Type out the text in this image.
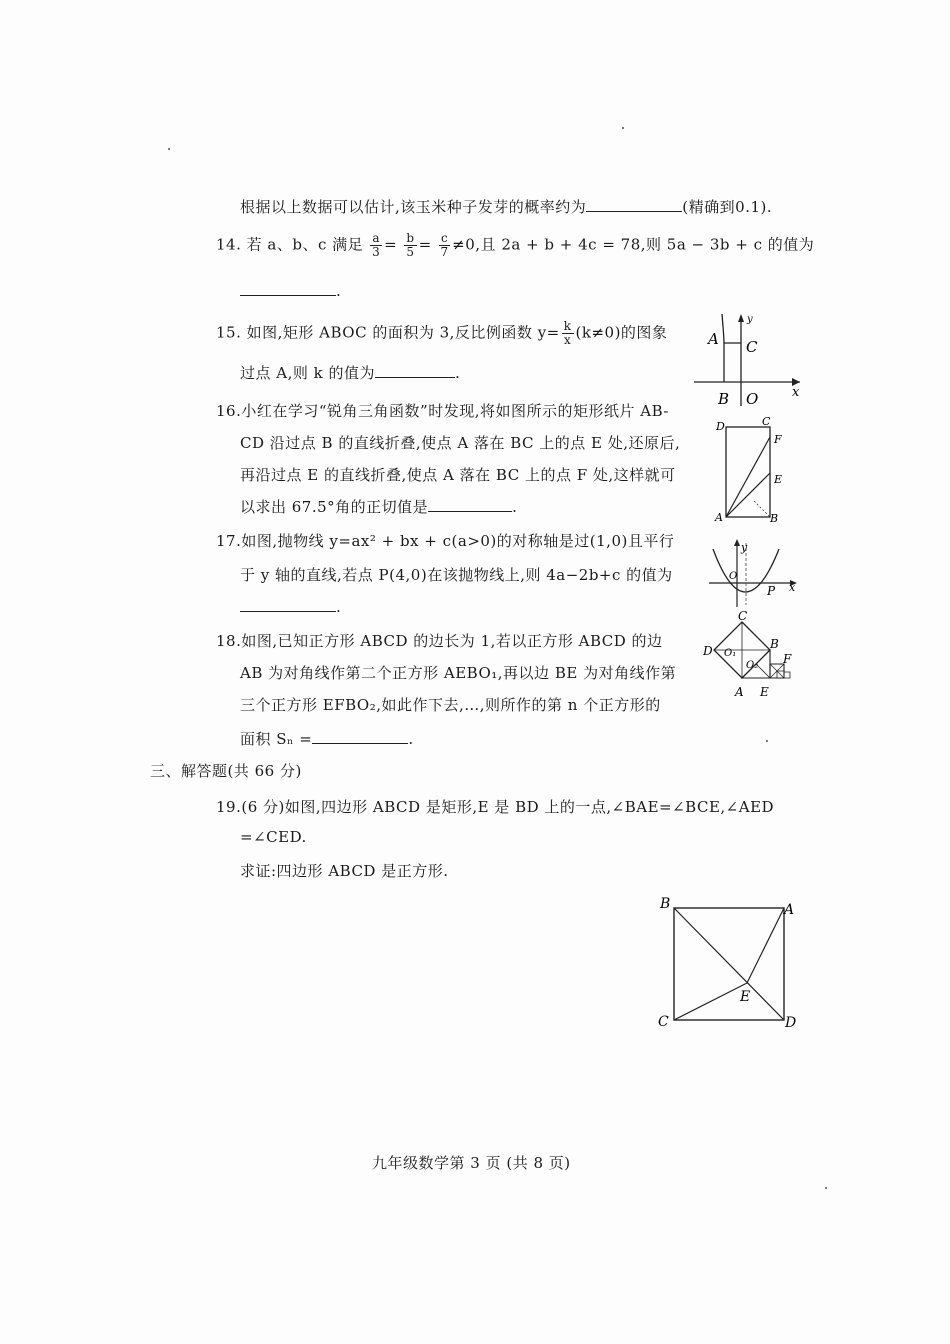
根据以上数据可以估计,该玉米种子发芽的概率约为	(精确到0.1).
14. 若 a、b、c 满足 $\frac{a}{3} = \frac{b}{5} = \frac{c}{7} \ne 0$,且 2a + b + 4c = 78,则 5a − 3b + c 的值为
.
15. 如图,矩形 ABOC 的面积为 3,反比例函数 $y= \frac{k}{x} (k\ne 0)$的图象
过点 A,则 k 的值为	.
A C
B O
y
x
16.小红在学习“锐角三角函数”时发现,将如图所示的矩形纸片 AB-
CD 沿过点 B 的直线折叠,使点 A 落在 BC 上的点 E 处,还原后,
再沿过点 E 的直线折叠,使点 A 落在 BC 上的点 F 处,这样就可
以求出 67.5°角的正切值是	.
D	C
F
E
A	B
17.如图,抛物线 y=ax² + bx + c(a>0)的对称轴是过(1,0)且平行
于 y 轴的直线,若点 P(4,0)在该抛物线上,则 4a−2b+c 的值为
.
y
O
P x
18.如图,已知正方形 ABCD 的边长为 1,若以正方形 ABCD 的边
AB 为对角线作第二个正方形 AEBO₁,再以边 BE 为对角线作第
三个正方形 EFBO₂,如此作下去,…,则所作的第 n 个正方形的
面积 Sₙ =	.
C
D O₁
B
O₂ F
A E
三、解答题(共 66 分)
19.(6 分)如图,四边形 ABCD 是矩形,E 是 BD 上的一点,∠BAE=∠BCE,∠AED
=∠CED.
求证:四边形 ABCD 是正方形.
B	A
E
C	D
九年级数学第 3 页 (共 8 页)
